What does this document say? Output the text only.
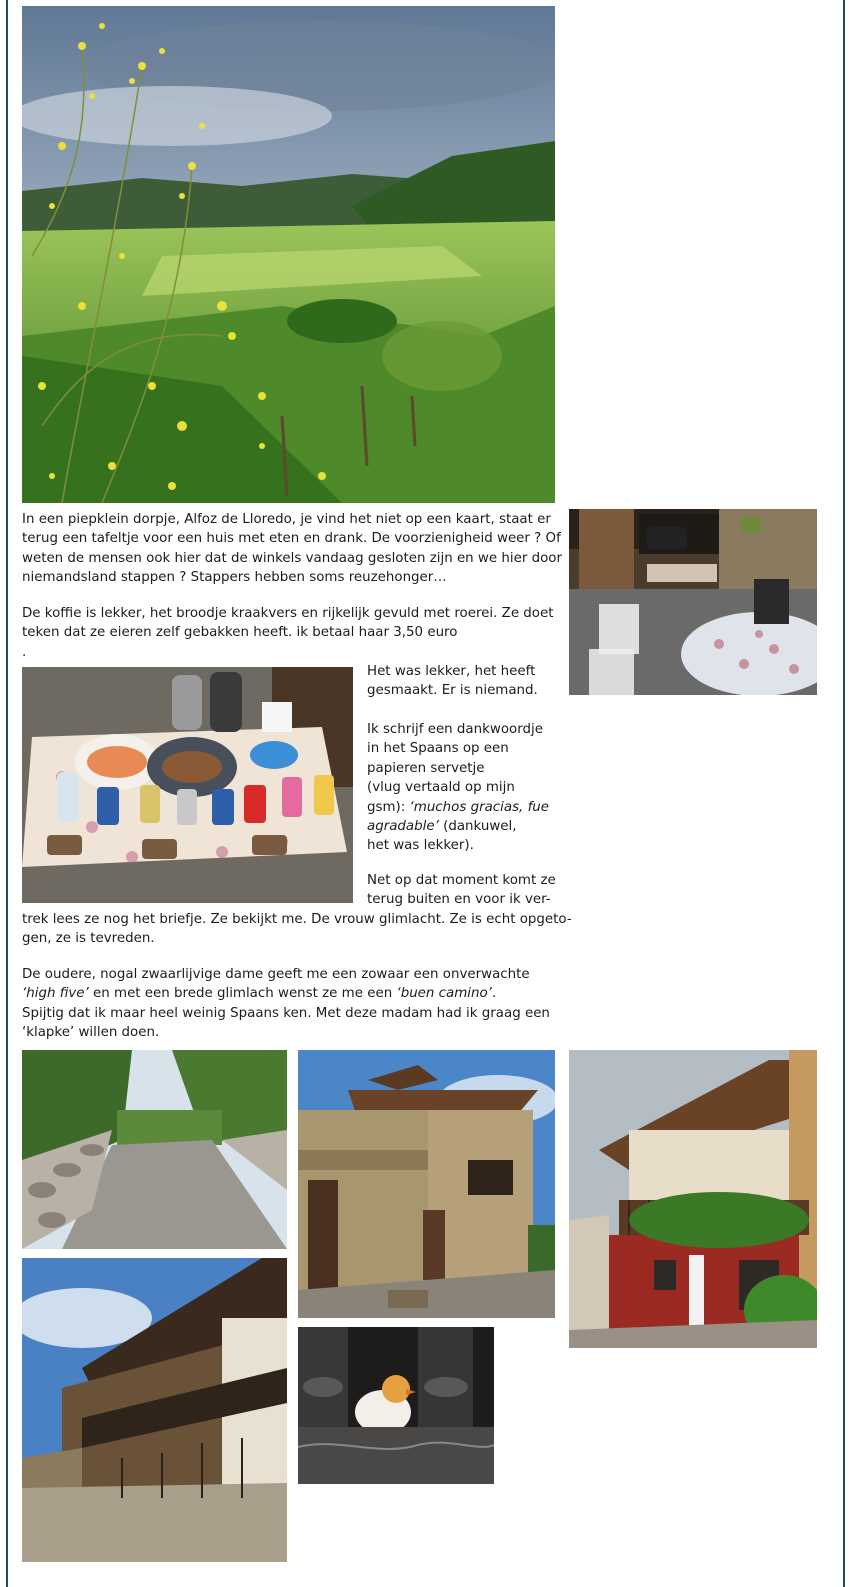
In een piepklein dorpje, Alfoz de Lloredo, je vind het niet op een kaart, staat er
terug een tafeltje voor een huis met eten en drank. De voorzienigheid weer ? Of
weten de mensen ook hier dat de winkels vandaag gesloten zijn en we hier door
niemandsland stappen ? Stappers hebben soms reuzehonger…
De koffie is lekker, het broodje kraakvers en rijkelijk gevuld met roerei. Ze doet
teken dat ze eieren zelf gebakken heeft. ik betaal haar 3,50 euro
.
Het was lekker, het heeft
gesmaakt. Er is niemand.
Ik schrijf een dankwoordje
in het Spaans op een
papieren servetje
(vlug vertaald op mijn
gsm): ‘muchos gracias, fue
agradable’ (dankuwel,
het was lekker).
Net op dat moment komt ze
terug buiten en voor ik ver-
trek lees ze nog het briefje. Ze bekijkt me. De vrouw glimlacht. Ze is echt opgeto-
gen, ze is tevreden.
De oudere, nogal zwaarlijvige dame geeft me een zowaar een onverwachte
‘high five’ en met een brede glimlach wenst ze me een ‘buen camino’.
Spijtig dat ik maar heel weinig Spaans ken. Met deze madam had ik graag een
‘klapke’ willen doen.
